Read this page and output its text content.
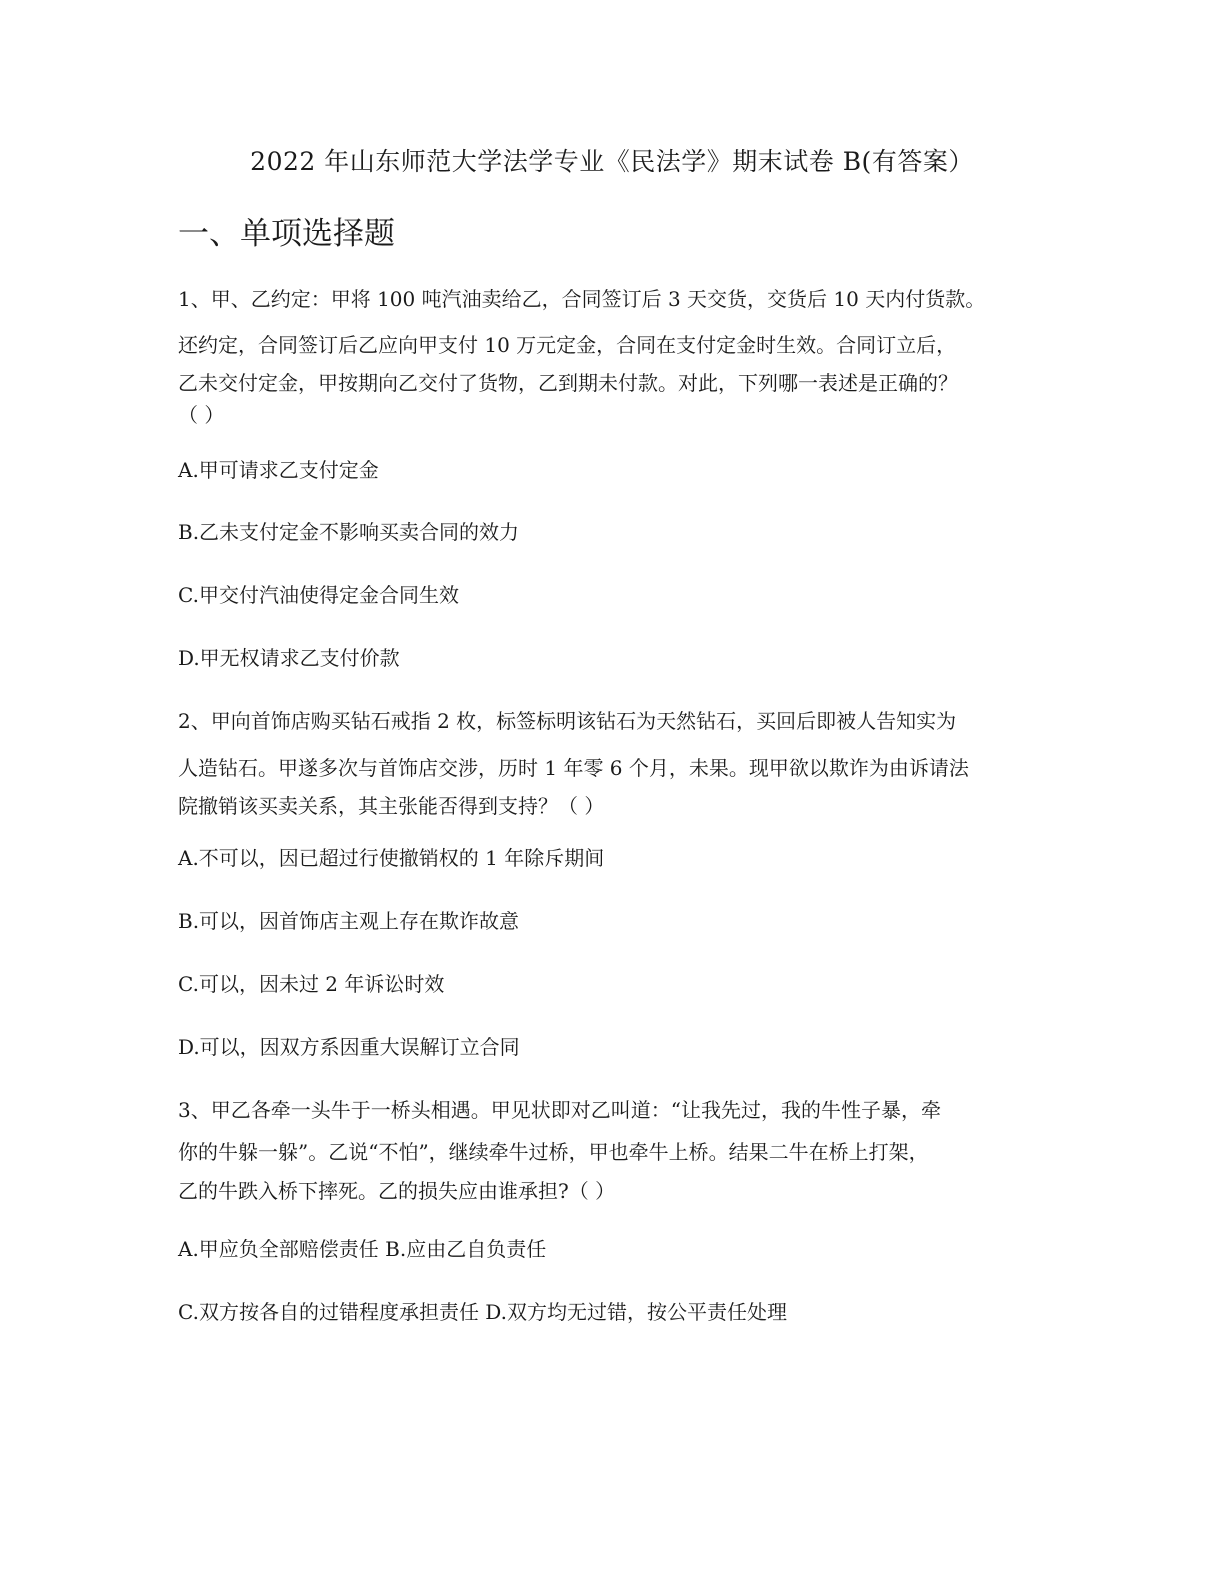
2022 年山东师范大学法学专业《民法学》期末试卷 B(有答案）
一、单项选择题
1、甲、乙约定：甲将 100 吨汽油卖给乙，合同签订后 3 天交货，交货后 10 天内付货款。
还约定，合同签订后乙应向甲支付 10 万元定金，合同在支付定金时生效。合同订立后，
乙未交付定金，甲按期向乙交付了货物，乙到期未付款。对此，下列哪一表述是正确的？
（ ）
A.甲可请求乙支付定金
B.乙未支付定金不影响买卖合同的效力
C.甲交付汽油使得定金合同生效
D.甲无权请求乙支付价款
2、甲向首饰店购买钻石戒指 2 枚，标签标明该钻石为天然钻石，买回后即被人告知实为
人造钻石。甲遂多次与首饰店交涉，历时 1 年零 6 个月，未果。现甲欲以欺诈为由诉请法
院撤销该买卖关系，其主张能否得到支持？（ ）
A.不可以，因已超过行使撤销权的 1 年除斥期间
B.可以，因首饰店主观上存在欺诈故意
C.可以，因未过 2 年诉讼时效
D.可以，因双方系因重大误解订立合同
3、甲乙各牵一头牛于一桥头相遇。甲见状即对乙叫道：“让我先过，我的牛性子暴，牵
你的牛躲一躲”。乙说“不怕”，继续牵牛过桥，甲也牵牛上桥。结果二牛在桥上打架，
乙的牛跌入桥下摔死。乙的损失应由谁承担?（ ）
A.甲应负全部赔偿责任 B.应由乙自负责任
C.双方按各自的过错程度承担责任 D.双方均无过错，按公平责任处理
